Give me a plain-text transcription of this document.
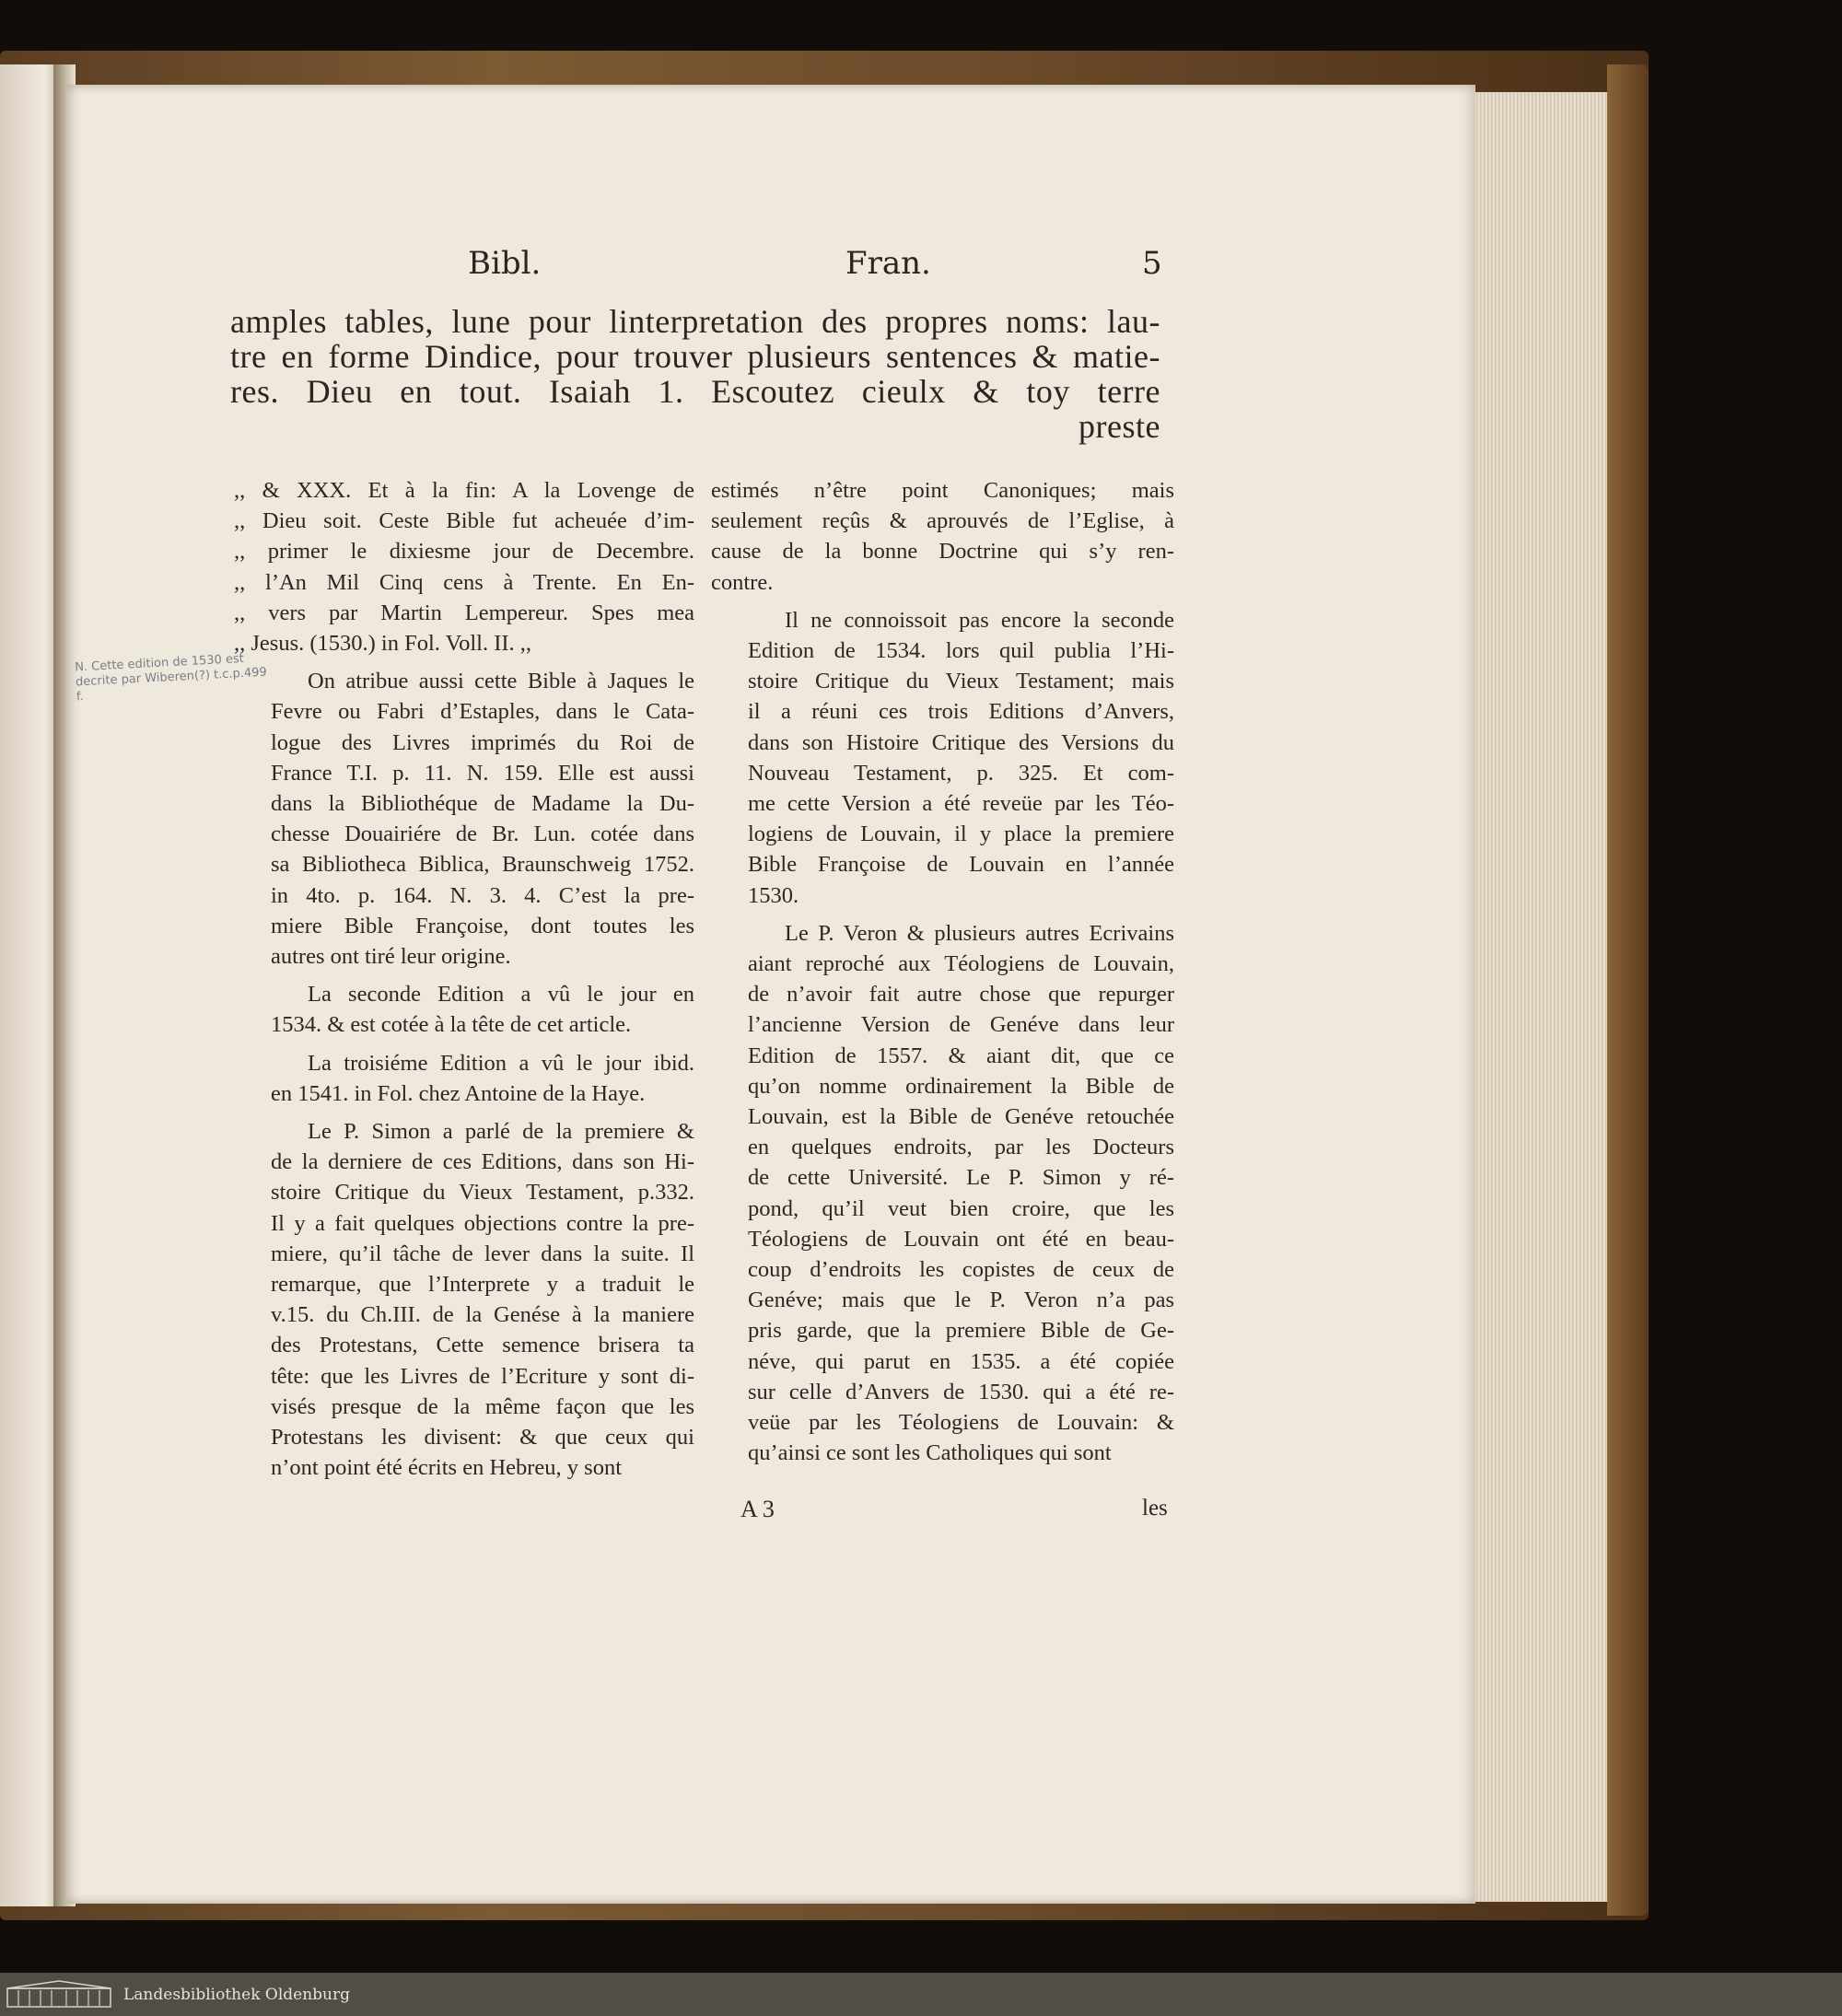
Bibl.	Fran.	5
amples tables, lune pour linterpretation des propres noms: lau-
tre en forme Dindice, pour trouver plusieurs sentences & matie-
res. Dieu en tout. Isaiah 1. Escoutez cieulx & toy terre
preste
N. Cette edition de 1530 est decrite par Wiberen(?) t.c.p.499 f.

,, & XXX. Et à la fin: A la Lovenge de
,, Dieu soit. Ceste Bible fut acheuée d’im-
,, primer le dixiesme jour de Decembre.
,, l’An Mil Cinq cens à Trente. En En-
,, vers par Martin Lempereur. Spes mea
,, Jesus. (1530.) in Fol. Voll. II. ,,

On atribue aussi cette Bible à Jaques le
Fevre ou Fabri d’Estaples, dans le Cata-
logue des Livres imprimés du Roi de
France T.I. p. 11. N. 159. Elle est aussi
dans la Bibliothéque de Madame la Du-
chesse Douairiére de Br. Lun. cotée dans
sa Bibliotheca Biblica, Braunschweig 1752.
in 4to. p. 164. N. 3. 4. C’est la pre-
miere Bible Françoise, dont toutes les
autres ont tiré leur origine.

La seconde Edition a vû le jour en
1534. & est cotée à la tête de cet article.

La troisiéme Edition a vû le jour ibid.
en 1541. in Fol. chez Antoine de la Haye.

Le P. Simon a parlé de la premiere &
de la derniere de ces Editions, dans son Hi-
stoire Critique du Vieux Testament, p.332.
Il y a fait quelques objections contre la pre-
miere, qu’il tâche de lever dans la suite. Il
remarque, que l’Interprete y a traduit le
v.15. du Ch.III. de la Genése à la maniere
des Protestans, Cette semence brisera ta
tête: que les Livres de l’Ecriture y sont di-
visés presque de la même façon que les
Protestans les divisent: & que ceux qui
n’ont point été écrits en Hebreu, y sont

estimés n’être point Canoniques; mais
seulement reçûs & aprouvés de l’Eglise, à
cause de la bonne Doctrine qui s’y ren-
contre.

Il ne connoissoit pas encore la seconde
Edition de 1534. lors quil publia l’Hi-
stoire Critique du Vieux Testament; mais
il a réuni ces trois Editions d’Anvers,
dans son Histoire Critique des Versions du
Nouveau Testament, p. 325. Et com-
me cette Version a été reveüe par les Téo-
logiens de Louvain, il y place la premiere
Bible Françoise de Louvain en l’année
1530.

Le P. Veron & plusieurs autres Ecrivains
aiant reproché aux Téologiens de Louvain,
de n’avoir fait autre chose que repurger
l’ancienne Version de Genéve dans leur
Edition de 1557. & aiant dit, que ce
qu’on nomme ordinairement la Bible de
Louvain, est la Bible de Genéve retouchée
en quelques endroits, par les Docteurs
de cette Université. Le P. Simon y ré-
pond, qu’il veut bien croire, que les
Téologiens de Louvain ont été en beau-
coup d’endroits les copistes de ceux de
Genéve; mais que le P. Veron n’a pas
pris garde, que la premiere Bible de Ge-
néve, qui parut en 1535. a été copiée
sur celle d’Anvers de 1530. qui a été re-
veüe par les Téologiens de Louvain: &
qu’ainsi ce sont les Catholiques qui sont

A 3	les
Landesbibliothek Oldenburg
